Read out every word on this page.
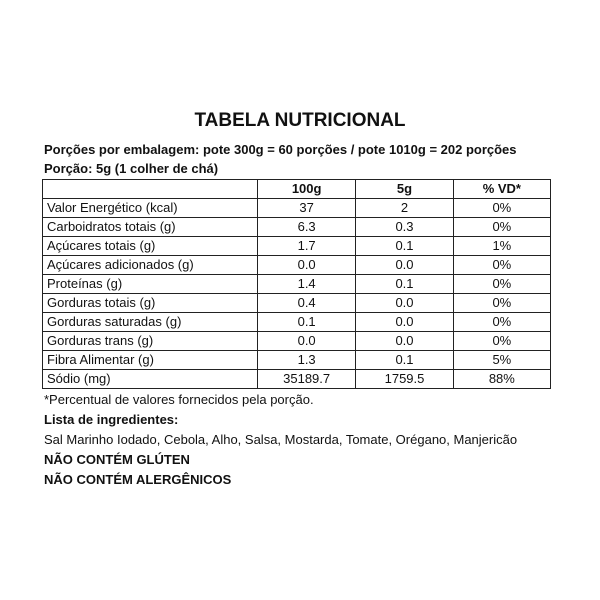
TABELA NUTRICIONAL
Porções por embalagem: pote 300g = 60 porções / pote 1010g = 202 porções
Porção: 5g (1 colher de chá)
	100g	5g	% VD*
Valor Energético (kcal)	37	2	0%
Carboidratos totais (g)	6.3	0.3	0%
Açúcares totais (g)	1.7	0.1	1%
Açúcares adicionados (g)	0.0	0.0	0%
Proteínas (g)	1.4	0.1	0%
Gorduras totais (g)	0.4	0.0	0%
Gorduras saturadas (g)	0.1	0.0	0%
Gorduras trans (g)	0.0	0.0	0%
Fibra Alimentar (g)	1.3	0.1	5%
Sódio (mg)	35189.7	1759.5	88%
*Percentual de valores fornecidos pela porção.
Lista de ingredientes:
Sal Marinho Iodado, Cebola, Alho, Salsa, Mostarda, Tomate, Orégano, Manjericão
NÃO CONTÉM GLÚTEN
NÃO CONTÉM ALERGÊNICOS
